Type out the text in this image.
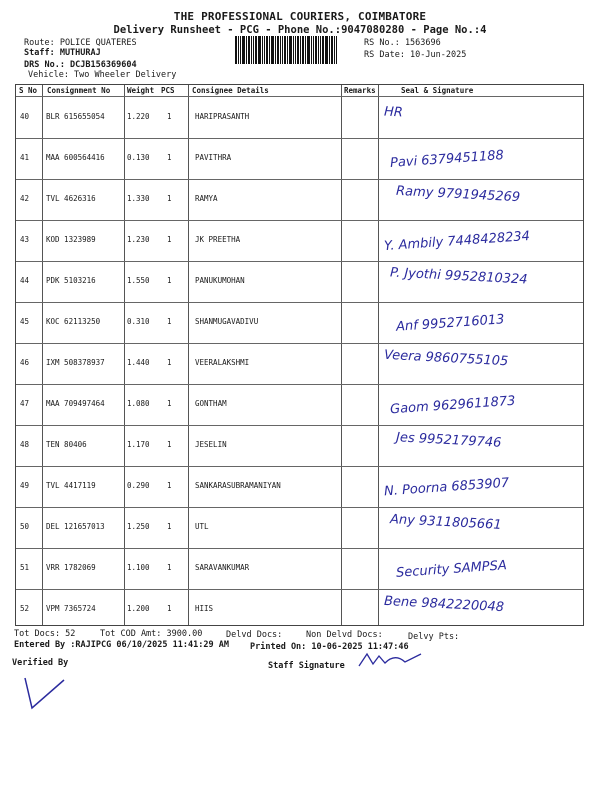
THE PROFESSIONAL COURIERS, COIMBATORE
Delivery Runsheet - PCG - Phone No.:9047080280 - Page No.:4
Route: POLICE QUATERES
Staff: MUTHURAJ
DRS No.: DCJB156369604
Vehicle: Two Wheeler Delivery
RS No.: 1563696
RS Date: 10-Jun-2025
S No Consignment No Weight PCS Consignee Details	Remarks	Seal & Signature
40 BLR 615655054	1.220 1	HARIPRASANTH	HR
41 MAA 600564416	0.130 1	PAVITHRA	Pavi 6379451188
42 TVL 4626316	1.330 1	RAMYA	Ramy 9791945269
43 KOD 1323989	1.230 1	JK PREETHA	Y. Ambily 7448428234
44 PDK 5103216	1.550 1	PANUKUMOHAN	P. Jyothi 9952810324
45 KOC 62113250	0.310 1	SHANMUGAVADIVU	Anf 9952716013
46 IXM 508378937	1.440 1	VEERALAKSHMI	Veera 9860755105
47 MAA 709497464	1.080 1	GONTHAM	Gaom 9629611873
48 TEN 80406	1.170 1	JESELIN	Jes 9952179746
49 TVL 4417119	0.290 1	SANKARASUBRAMANIYAN	N. Poorna 6853907
50 DEL 121657013	1.250 1	UTL	Any 9311805661
51 VRR 1782069	1.100 1	SARAVANKUMAR	Security SAMPSA
52 VPM 7365724	1.200 1	HIIS	Bene 9842220048
Tot Docs: 52	Tot COD Amt: 3900.00	Delvd Docs:	Non Delvd Docs:	Delvy Pts:
Entered By :RAJIPCG 06/10/2025 11:41:29 AM Printed On: 10-06-2025 11:47:46
Verified By	Staff Signature
